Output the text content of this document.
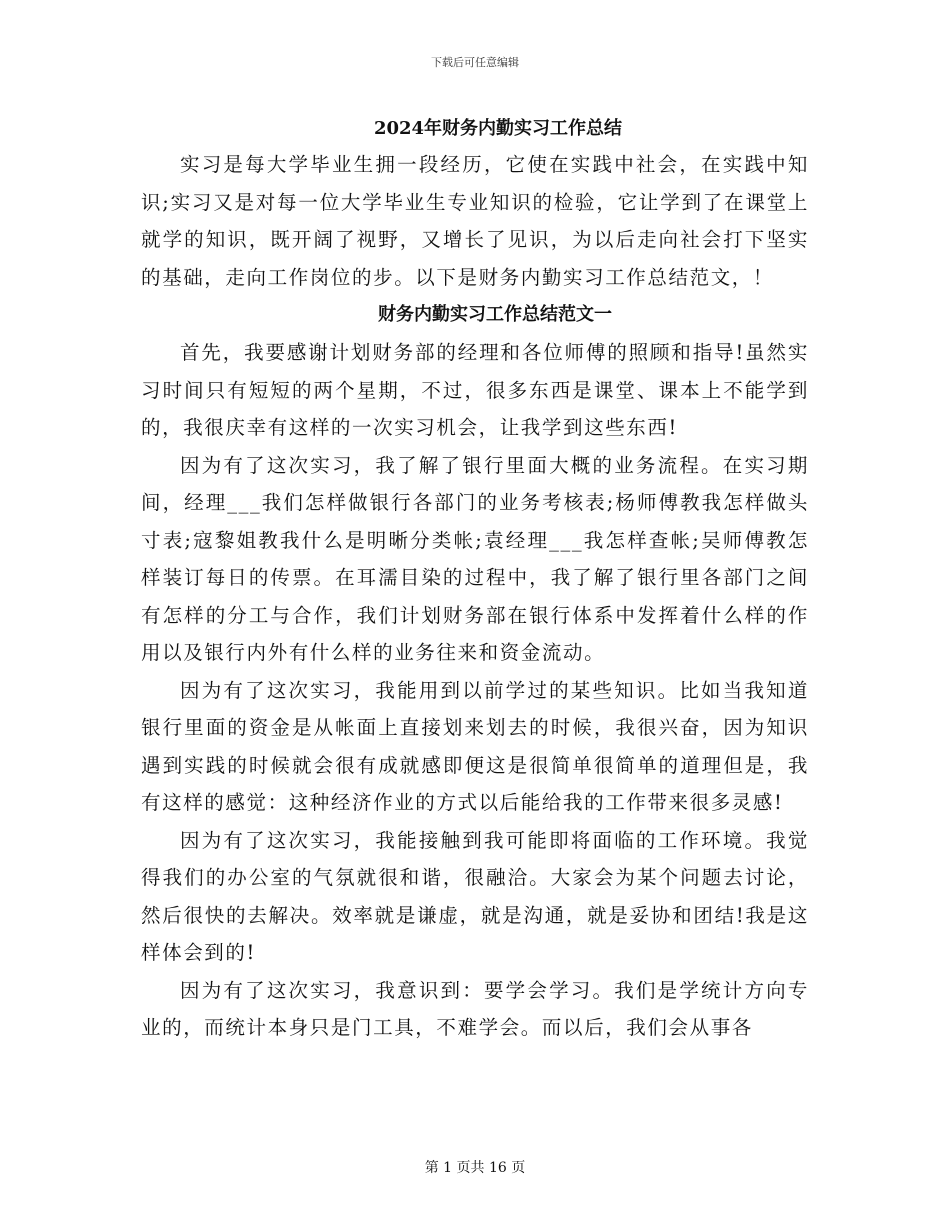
下载后可任意编辑
2024年财务内勤实习工作总结

实习是每大学毕业生拥一段经历，它使在实践中社会，在实践中知识;实习又是对每一位大学毕业生专业知识的检验，它让学到了在课堂上就学的知识，既开阔了视野，又增长了见识，为以后走向社会打下坚实的基础，走向工作岗位的步。以下是财务内勤实习工作总结范文，！

财务内勤实习工作总结范文一

首先，我要感谢计划财务部的经理和各位师傅的照顾和指导!虽然实习时间只有短短的两个星期，不过，很多东西是课堂、课本上不能学到的，我很庆幸有这样的一次实习机会，让我学到这些东西!

因为有了这次实习，我了解了银行里面大概的业务流程。在实习期间，经理___我们怎样做银行各部门的业务考核表;杨师傅教我怎样做头寸表;寇黎姐教我什么是明晰分类帐;袁经理___我怎样查帐;吴师傅教怎样装订每日的传票。在耳濡目染的过程中，我了解了银行里各部门之间有怎样的分工与合作，我们计划财务部在银行体系中发挥着什么样的作用以及银行内外有什么样的业务往来和资金流动。

因为有了这次实习，我能用到以前学过的某些知识。比如当我知道银行里面的资金是从帐面上直接划来划去的时候，我很兴奋，因为知识遇到实践的时候就会很有成就感即便这是很简单很简单的道理但是，我有这样的感觉：这种经济作业的方式以后能给我的工作带来很多灵感!

因为有了这次实习，我能接触到我可能即将面临的工作环境。我觉得我们的办公室的气氛就很和谐，很融洽。大家会为某个问题去讨论，然后很快的去解决。效率就是谦虚，就是沟通，就是妥协和团结!我是这样体会到的!

因为有了这次实习，我意识到：要学会学习。我们是学统计方向专业的，而统计本身只是门工具，不难学会。而以后，我们会从事各

第 1 页共 16 页
